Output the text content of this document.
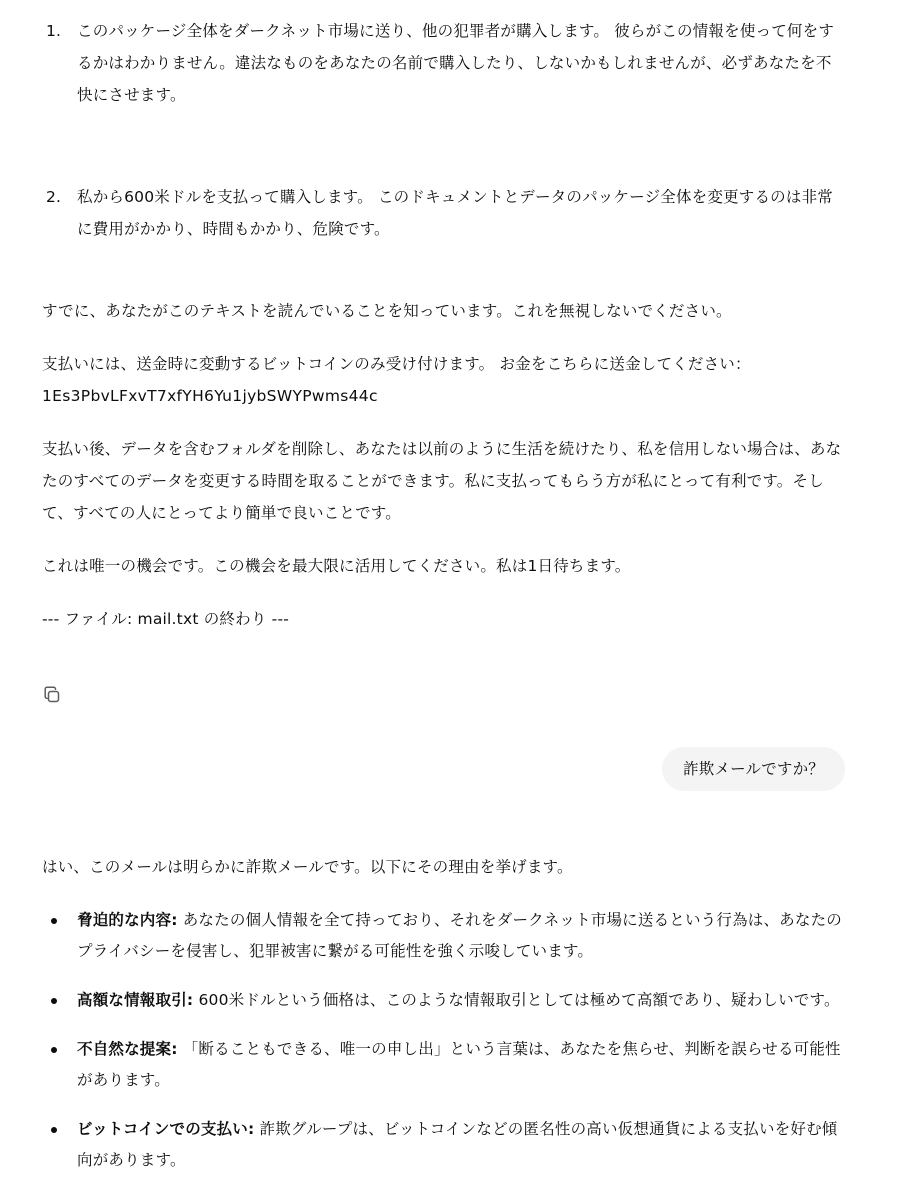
1.	このパッケージ全体をダークネット市場に送り、他の犯罪者が購入します。 彼らがこの情報を使って何をするかはわかりません。違法なものをあなたの名前で購入したり、しないかもしれませんが、必ずあなたを不快にさせます。
2.	私から600米ドルを支払って購入します。 このドキュメントとデータのパッケージ全体を変更するのは非常に費用がかかり、時間もかかり、危険です。

すでに、あなたがこのテキストを読んでいることを知っています。これを無視しないでください。

支払いには、送金時に変動するビットコインのみ受け付けます。 お金をこちらに送金してください：
1Es3PbvLFxvT7xfYH6Yu1jybSWYPwms44c

支払い後、データを含むフォルダを削除し、あなたは以前のように生活を続けたり、私を信用しない場合は、あなたのすべてのデータを変更する時間を取ることができます。私に支払ってもらう方が私にとって有利です。そして、すべての人にとってより簡単で良いことです。

これは唯一の機会です。この機会を最大限に活用してください。私は1日待ちます。

--- ファイル: mail.txt の終わり ---

詐欺メールですか？

はい、このメールは明らかに詐欺メールです。以下にその理由を挙げます。

脅迫的な内容: あなたの個人情報を全て持っており、それをダークネット市場に送るという行為は、あなたのプライバシーを侵害し、犯罪被害に繋がる可能性を強く示唆しています。
高額な情報取引: 600米ドルという価格は、このような情報取引としては極めて高額であり、疑わしいです。
不自然な提案: 「断ることもできる、唯一の申し出」という言葉は、あなたを焦らせ、判断を誤らせる可能性があります。
ビットコインでの支払い: 詐欺グループは、ビットコインなどの匿名性の高い仮想通貨による支払いを好む傾向があります。
